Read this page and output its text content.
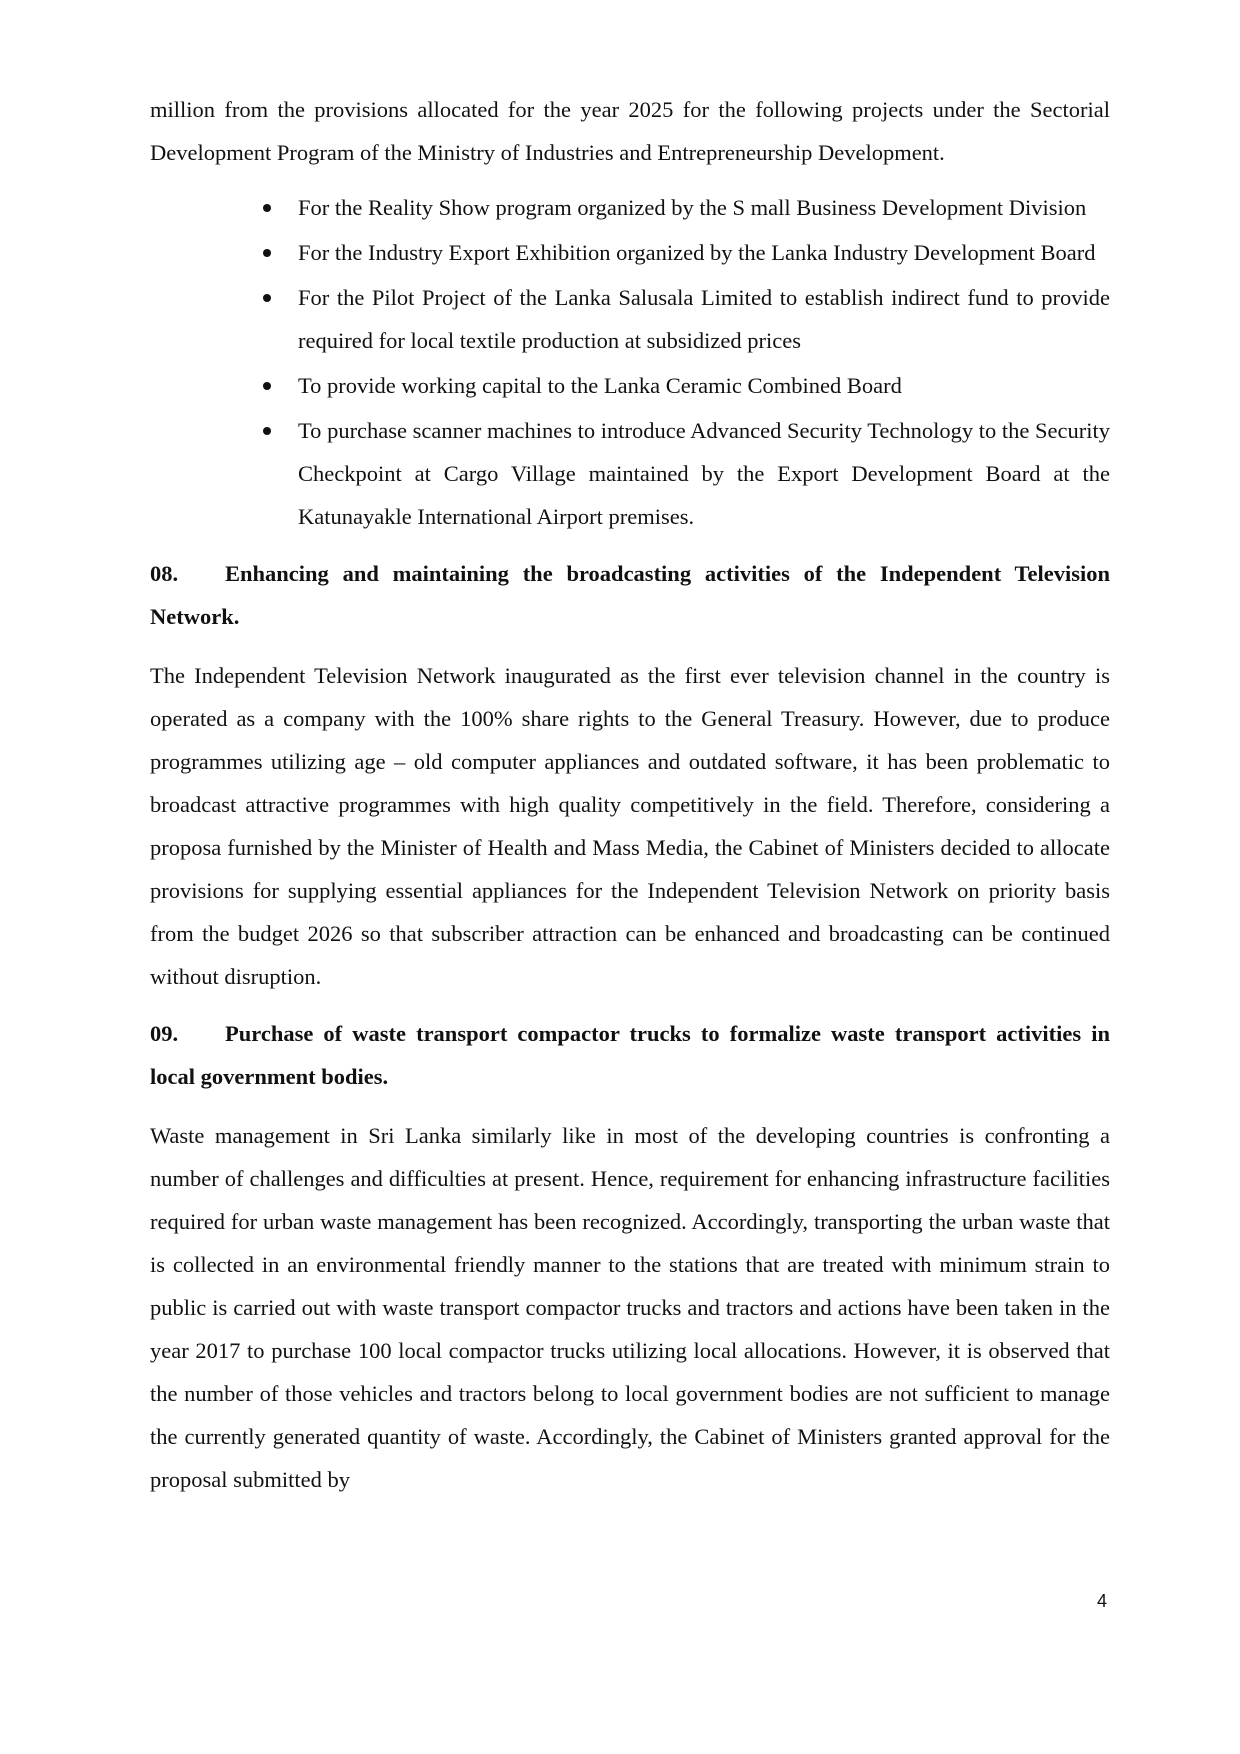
million from the provisions allocated for the year 2025 for the following projects under the Sectorial Development Program of the Ministry of Industries and Entrepreneurship Development.

For the Reality Show program organized by the S mall Business Development Division
For the Industry Export Exhibition organized by the Lanka Industry Development Board
For the Pilot Project of the Lanka Salusala Limited to establish indirect fund to provide required for local textile production at subsidized prices
To provide working capital to the Lanka Ceramic Combined Board
To purchase scanner machines to introduce Advanced Security Technology to the Security Checkpoint at Cargo Village maintained by the Export Development Board at the Katunayakle International Airport premises.

08. Enhancing and maintaining the broadcasting activities of the Independent Television Network.

The Independent Television Network inaugurated as the first ever television channel in the country is operated as a company with the 100% share rights to the General Treasury. However, due to produce programmes utilizing age – old computer appliances and outdated software, it has been problematic to broadcast attractive programmes with high quality competitively in the field. Therefore, considering a proposa furnished by the Minister of Health and Mass Media, the Cabinet of Ministers decided to allocate provisions for supplying essential appliances for the Independent Television Network on priority basis from the budget 2026 so that subscriber attraction can be enhanced and broadcasting can be continued without disruption.

09. Purchase of waste transport compactor trucks to formalize waste transport activities in local government bodies.

Waste management in Sri Lanka similarly like in most of the developing countries is confronting a number of challenges and difficulties at present. Hence, requirement for enhancing infrastructure facilities required for urban waste management has been recognized. Accordingly, transporting the urban waste that is collected in an environmental friendly manner to the stations that are treated with minimum strain to public is carried out with waste transport compactor trucks and tractors and actions have been taken in the year 2017 to purchase 100 local compactor trucks utilizing local allocations. However, it is observed that the number of those vehicles and tractors belong to local government bodies are not sufficient to manage the currently generated quantity of waste. Accordingly, the Cabinet of Ministers granted approval for the proposal submitted by

4
